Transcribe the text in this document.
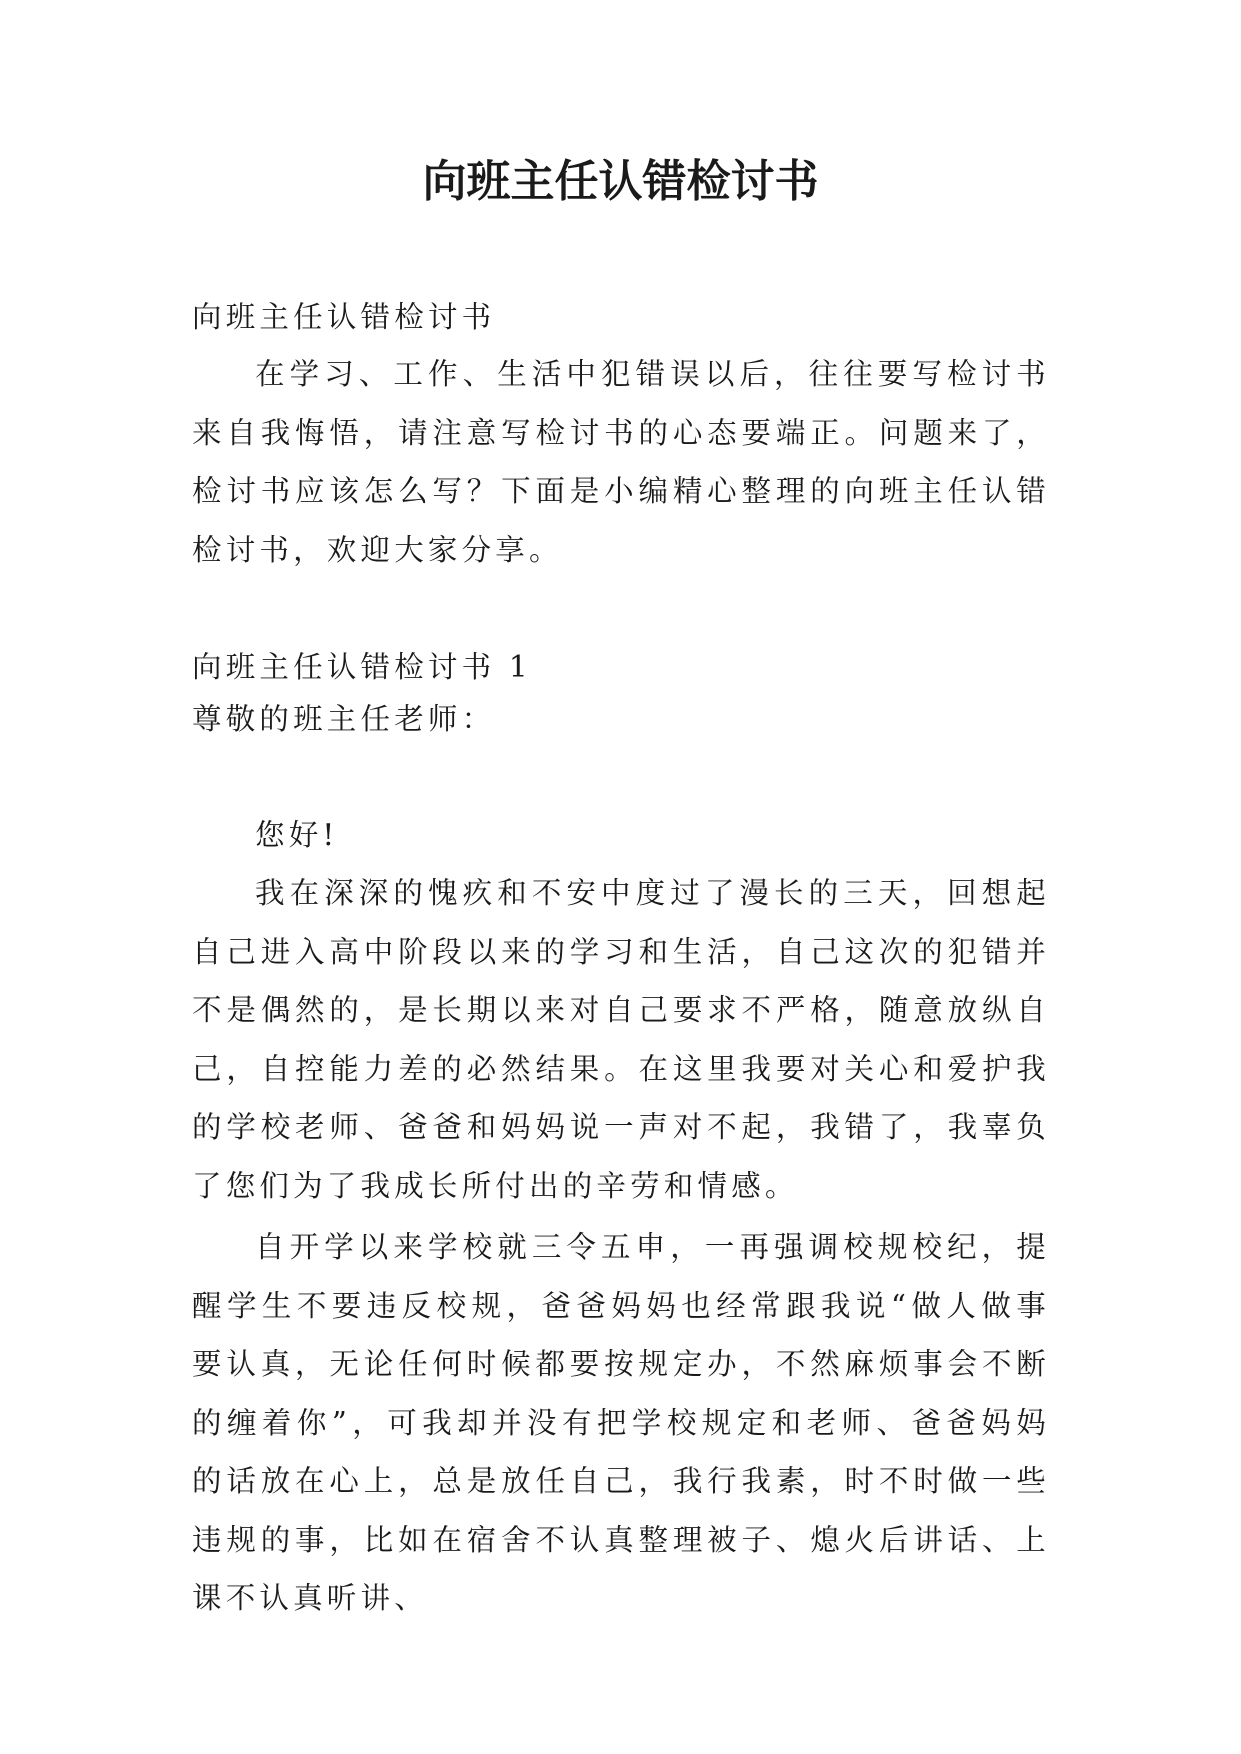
向班主任认错检讨书

向班主任认错检讨书

在学习、工作、生活中犯错误以后，往往要写检讨书来自我悔悟，请注意写检讨书的心态要端正。问题来了，检讨书应该怎么写？下面是小编精心整理的向班主任认错检讨书，欢迎大家分享。

向班主任认错检讨书 1

尊敬的班主任老师：

您好!

我在深深的愧疚和不安中度过了漫长的三天，回想起自己进入高中阶段以来的学习和生活，自己这次的犯错并不是偶然的，是长期以来对自己要求不严格，随意放纵自己，自控能力差的必然结果。在这里我要对关心和爱护我的学校老师、爸爸和妈妈说一声对不起，我错了，我辜负了您们为了我成长所付出的辛劳和情感。

自开学以来学校就三令五申，一再强调校规校纪，提醒学生不要违反校规，爸爸妈妈也经常跟我说“做人做事要认真，无论任何时候都要按规定办，不然麻烦事会不断的缠着你”，可我却并没有把学校规定和老师、爸爸妈妈的话放在心上，总是放任自己，我行我素，时不时做一些违规的事，比如在宿舍不认真整理被子、熄火后讲话、上课不认真听讲、
